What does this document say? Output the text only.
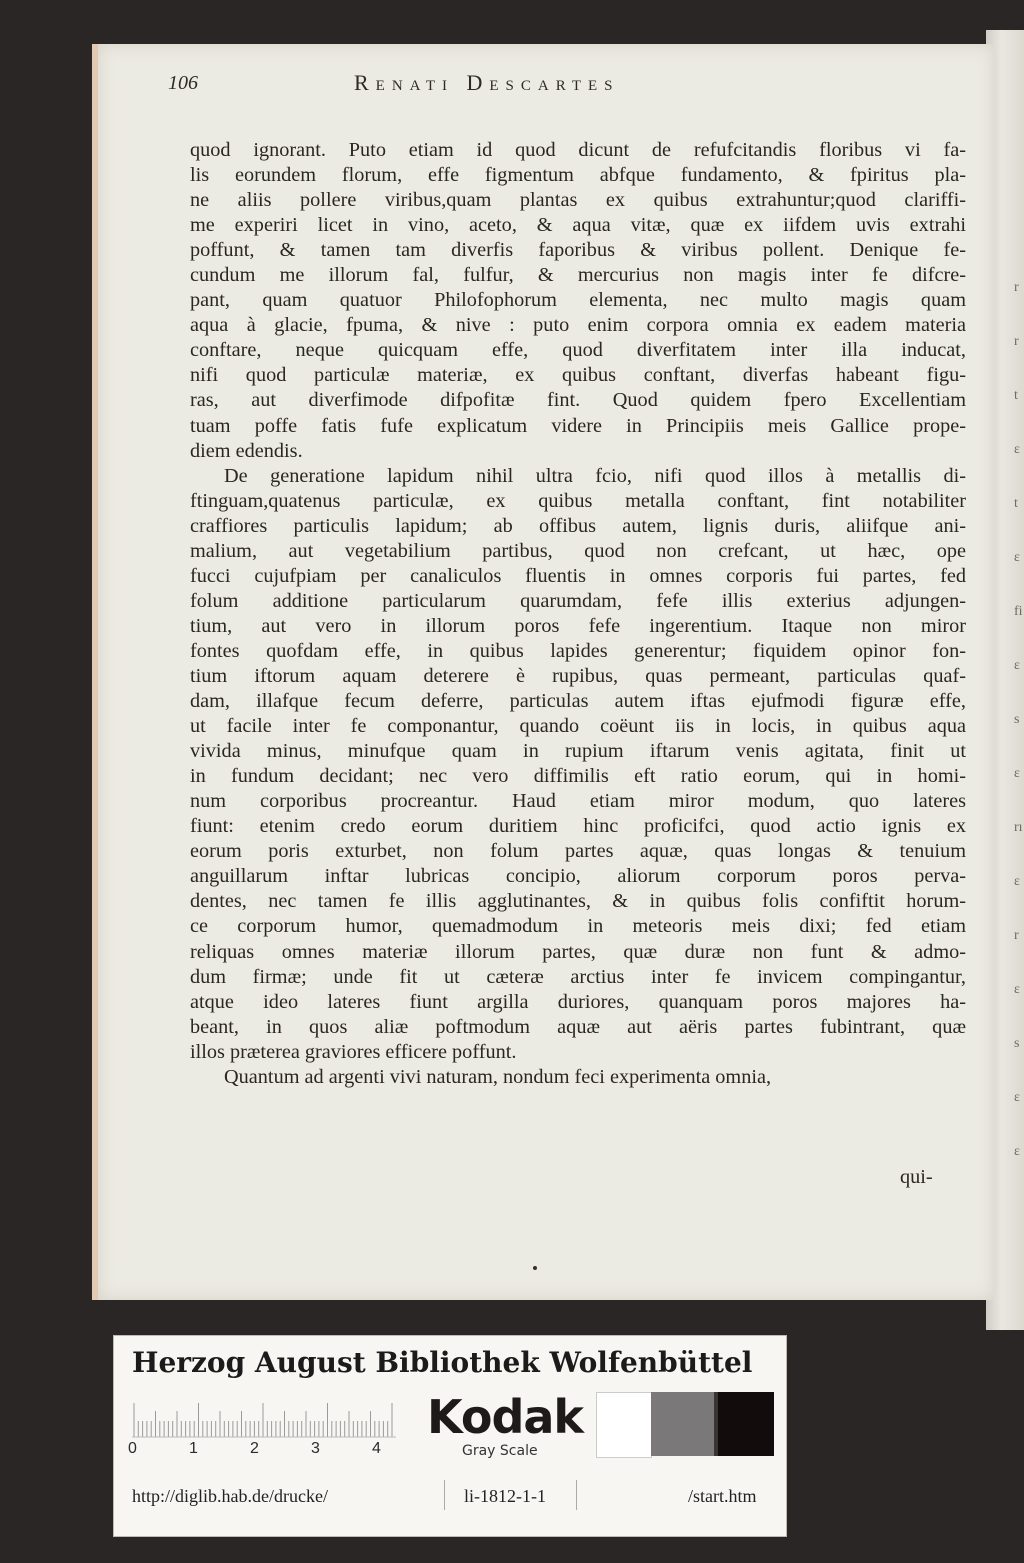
r
r
t
ε
t
ε
fi
ε
s
ε
rı
ε
r
ε
s
ε
ε
106	Renati Descartes
quod ignorant. Puto etiam id quod dicunt de refufcitandis floribus vi fa-
lis eorundem florum, effe figmentum abfque fundamento, & fpiritus pla-
ne aliis pollere viribus,quam plantas ex quibus extrahuntur;quod clariffi-
me experiri licet in vino, aceto, & aqua vitæ, quæ ex iifdem uvis extrahi
poffunt, & tamen tam diverfis faporibus & viribus pollent. Denique fe-
cundum me illorum fal, fulfur, & mercurius non magis inter fe difcre-
pant, quam quatuor Philofophorum elementa, nec multo magis quam
aqua à glacie, fpuma, & nive : puto enim corpora omnia ex eadem materia
conftare, neque quicquam effe, quod diverfitatem inter illa inducat,
nifi quod particulæ materiæ, ex quibus conftant, diverfas habeant figu-
ras, aut diverfimode difpofitæ fint. Quod quidem fpero Excellentiam
tuam poffe fatis fufe explicatum videre in Principiis meis Gallice prope-
diem edendis.
De generatione lapidum nihil ultra fcio, nifi quod illos à metallis di-
ftinguam,quatenus particulæ, ex quibus metalla conftant, fint notabiliter
craffiores particulis lapidum; ab offibus autem, lignis duris, aliifque ani-
malium, aut vegetabilium partibus, quod non crefcant, ut hæc, ope
fucci cujufpiam per canaliculos fluentis in omnes corporis fui partes, fed
folum additione particularum quarumdam, fefe illis exterius adjungen-
tium, aut vero in illorum poros fefe ingerentium. Itaque non miror
fontes quofdam effe, in quibus lapides generentur; fiquidem opinor fon-
tium iftorum aquam deterere è rupibus, quas permeant, particulas quaf-
dam, illafque fecum deferre, particulas autem iftas ejufmodi figuræ effe,
ut facile inter fe componantur, quando coëunt iis in locis, in quibus aqua
vivida minus, minufque quam in rupium iftarum venis agitata, finit ut
in fundum decidant; nec vero diffimilis eft ratio eorum, qui in homi-
num corporibus procreantur. Haud etiam miror modum, quo lateres
fiunt: etenim credo eorum duritiem hinc proficifci, quod actio ignis ex
eorum poris exturbet, non folum partes aquæ, quas longas & tenuium
anguillarum inftar lubricas concipio, aliorum corporum poros perva-
dentes, nec tamen fe illis agglutinantes, & in quibus folis confiftit horum-
ce corporum humor, quemadmodum in meteoris meis dixi; fed etiam
reliquas omnes materiæ illorum partes, quæ duræ non funt & admo-
dum firmæ; unde fit ut cæteræ arctius inter fe invicem compingantur,
atque ideo lateres fiunt argilla duriores, quanquam poros majores ha-
beant, in quos aliæ poftmodum aquæ aut aëris partes fubintrant, quæ
illos præterea graviores efficere poffunt.
Quantum ad argenti vivi naturam, nondum feci experimenta omnia,
qui-
Herzog August Bibliothek Wolfenbüttel
0	1	2	3	4
Kodak
Gray Scale
http://diglib.hab.de/drucke/	li-1812-1-1	/start.htm
